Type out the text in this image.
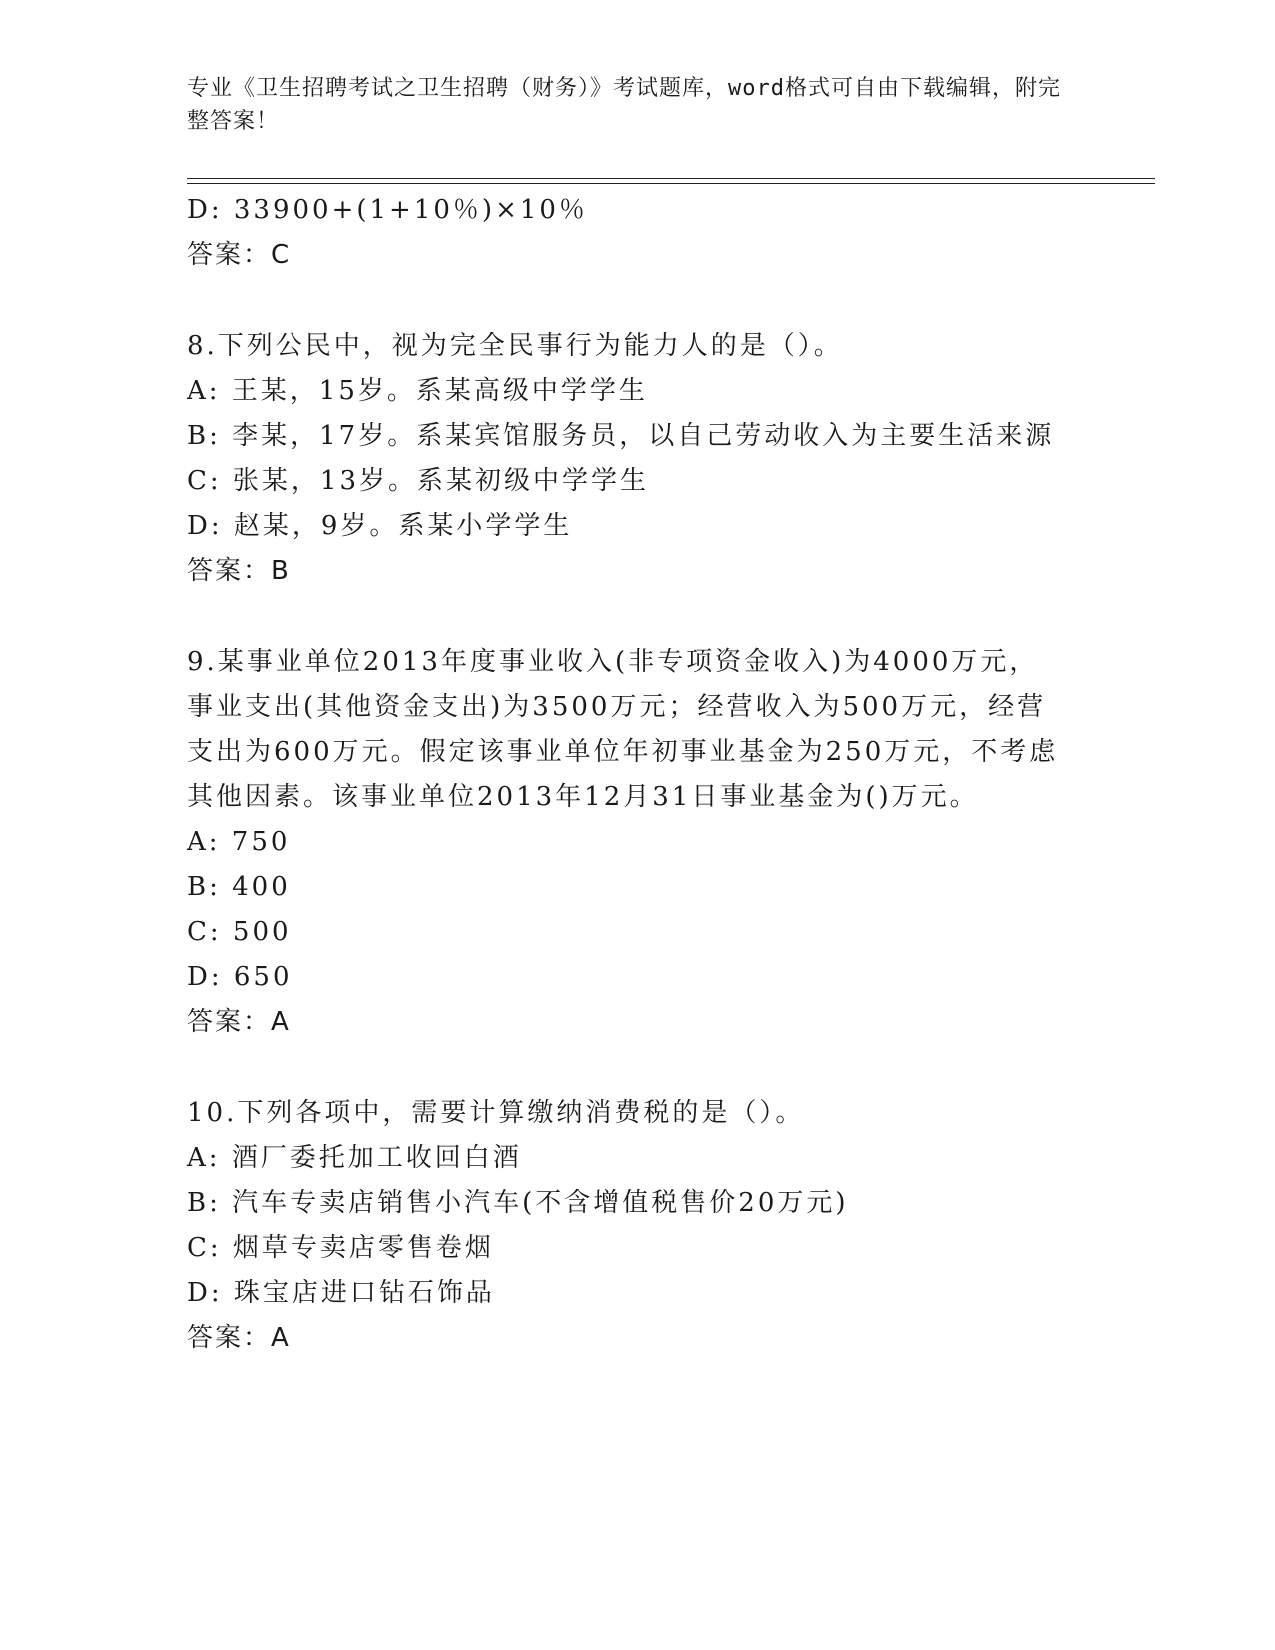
专业《卫生招聘考试之卫生招聘（财务）》考试题库，word格式可自由下载编辑，附完整答案！
D: 33900+(1+10％)×10％
答案：C
8.下列公民中，视为完全民事行为能力人的是（）。
A: 王某，15岁。系某高级中学学生
B: 李某，17岁。系某宾馆服务员，以自己劳动收入为主要生活来源
C: 张某，13岁。系某初级中学学生
D: 赵某，9岁。系某小学学生
答案：B
9.某事业单位2013年度事业收入(非专项资金收入)为4000万元，事业支出(其他资金支出)为3500万元；经营收入为500万元，经营支出为600万元。假定该事业单位年初事业基金为250万元，不考虑其他因素。该事业单位2013年12月31日事业基金为()万元。
A: 750
B: 400
C: 500
D: 650
答案：A
10.下列各项中，需要计算缴纳消费税的是（）。
A: 酒厂委托加工收回白酒
B: 汽车专卖店销售小汽车(不含增值税售价20万元)
C: 烟草专卖店零售卷烟
D: 珠宝店进口钻石饰品
答案：A
